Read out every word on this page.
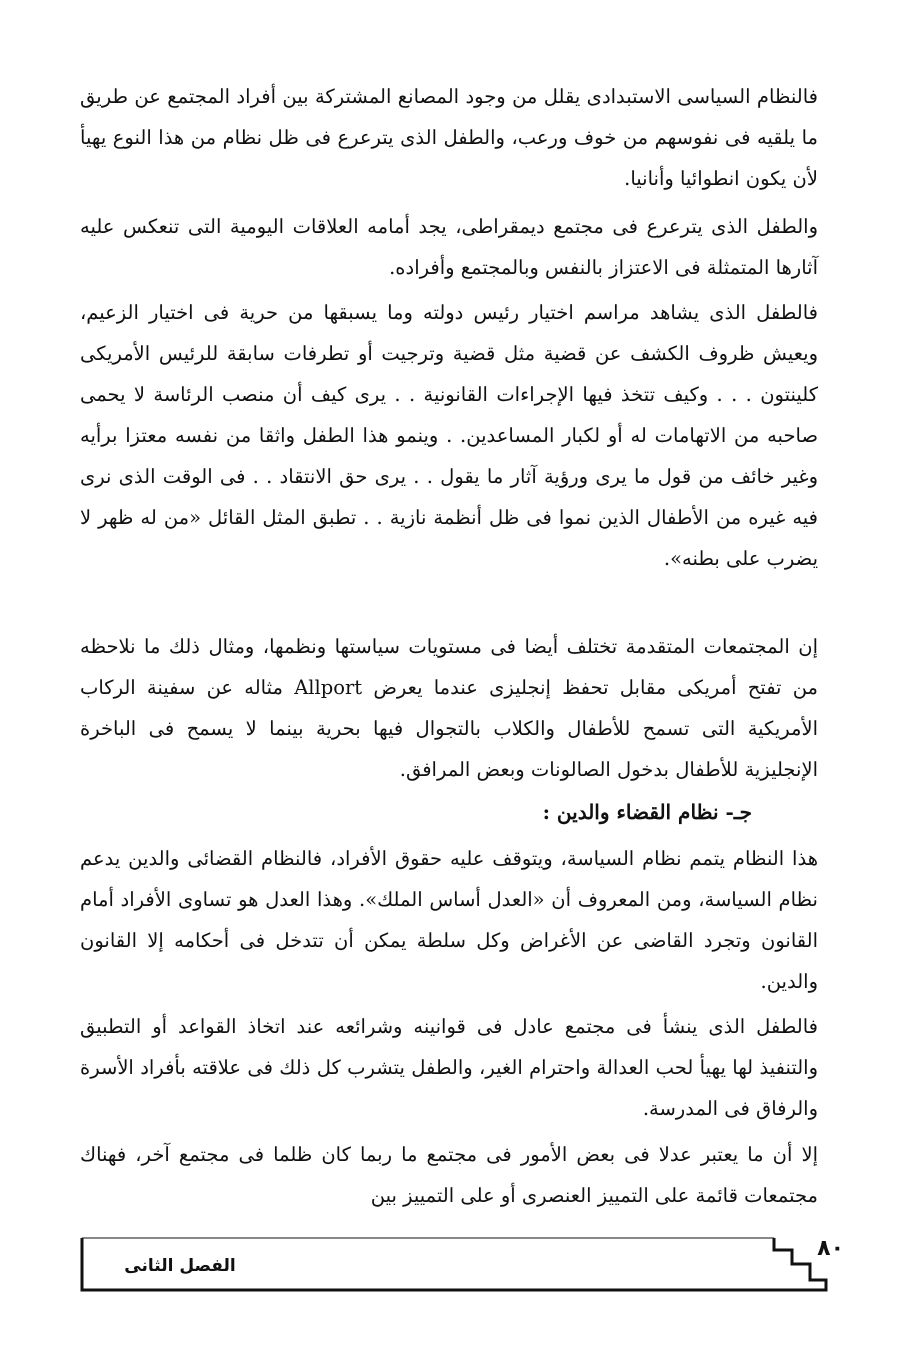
فالنظام السياسى الاستبدادى يقلل من وجود المصانع المشتركة بين أفراد المجتمع عن طريق ما يلقيه فى نفوسهم من خوف ورعب، والطفل الذى يترعرع فى ظل نظام من هذا النوع يهيأ لأن يكون انطوائيا وأنانيا.

والطفل الذى يترعرع فى مجتمع ديمقراطى، يجد أمامه العلاقات اليومية التى تنعكس عليه آثارها المتمثلة فى الاعتزاز بالنفس وبالمجتمع وأفراده.

فالطفل الذى يشاهد مراسم اختيار رئيس دولته وما يسبقها من حرية فى اختيار الزعيم، ويعيش ظروف الكشف عن قضية مثل قضية وترجيت أو تطرفات سابقة للرئيس الأمريكى كلينتون . . . وكيف تتخذ فيها الإجراءات القانونية . . يرى كيف أن منصب الرئاسة لا يحمى صاحبه من الاتهامات له أو لكبار المساعدين. . وينمو هذا الطفل واثقا من نفسه معتزا برأيه وغير خائف من قول ما يرى ورؤية آثار ما يقول . . يرى حق الانتقاد . . فى الوقت الذى نرى فيه غيره من الأطفال الذين نموا فى ظل أنظمة نازية . . تطبق المثل القائل «من له ظهر لا يضرب على بطنه».

إن المجتمعات المتقدمة تختلف أيضا فى مستويات سياستها ونظمها، ومثال ذلك ما نلاحظه من تفتح أمريكى مقابل تحفظ إنجليزى عندما يعرض Allport مثاله عن سفينة الركاب الأمريكية التى تسمح للأطفال والكلاب بالتجوال فيها بحرية بينما لا يسمح فى الباخرة الإنجليزية للأطفال بدخول الصالونات وبعض المرافق.

جـ- نظام القضاء والدين :

هذا النظام يتمم نظام السياسة، ويتوقف عليه حقوق الأفراد، فالنظام القضائى والدين يدعم نظام السياسة، ومن المعروف أن «العدل أساس الملك». وهذا العدل هو تساوى الأفراد أمام القانون وتجرد القاضى عن الأغراض وكل سلطة يمكن أن تتدخل فى أحكامه إلا القانون والدين.

فالطفل الذى ينشأ فى مجتمع عادل فى قوانينه وشرائعه عند اتخاذ القواعد أو التطبيق والتنفيذ لها يهيأ لحب العدالة واحترام الغير، والطفل يتشرب كل ذلك فى علاقته بأفراد الأسرة والرفاق فى المدرسة.

إلا أن ما يعتبر عدلا فى بعض الأمور فى مجتمع ما ربما كان ظلما فى مجتمع آخر، فهناك مجتمعات قائمة على التمييز العنصرى أو على التمييز بين

الفصل الثانى
٨٠
